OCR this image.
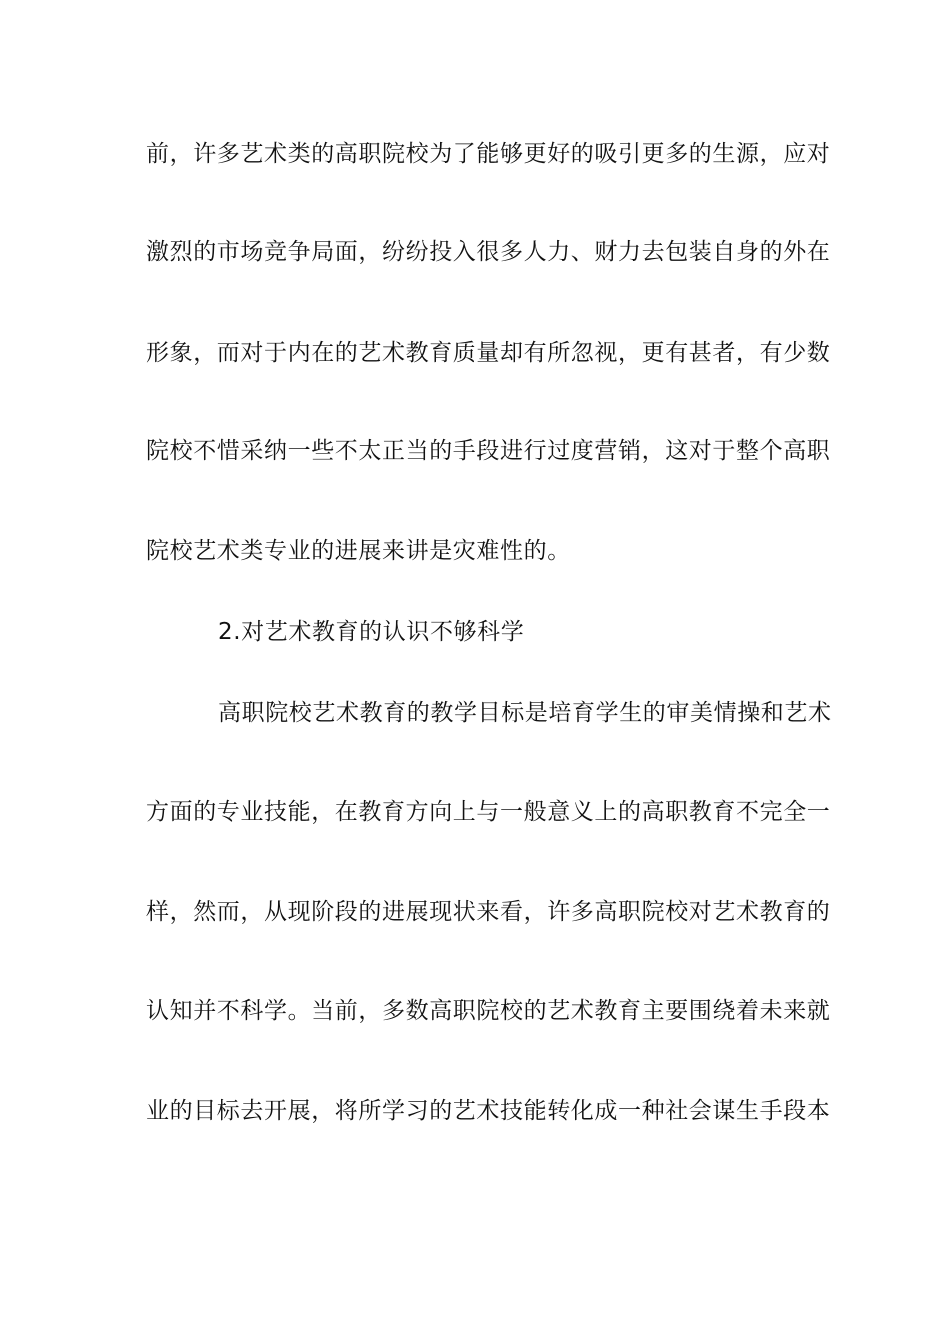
前，许多艺术类的高职院校为了能够更好的吸引更多的生源，应对
激烈的市场竞争局面，纷纷投入很多人力、财力去包装自身的外在
形象，而对于内在的艺术教育质量却有所忽视，更有甚者，有少数
院校不惜采纳一些不太正当的手段进行过度营销，这对于整个高职
院校艺术类专业的进展来讲是灾难性的。
2.对艺术教育的认识不够科学
高职院校艺术教育的教学目标是培育学生的审美情操和艺术
方面的专业技能，在教育方向上与一般意义上的高职教育不完全一
样，然而，从现阶段的进展现状来看，许多高职院校对艺术教育的
认知并不科学。当前，多数高职院校的艺术教育主要围绕着未来就
业的目标去开展，将所学习的艺术技能转化成一种社会谋生手段本
